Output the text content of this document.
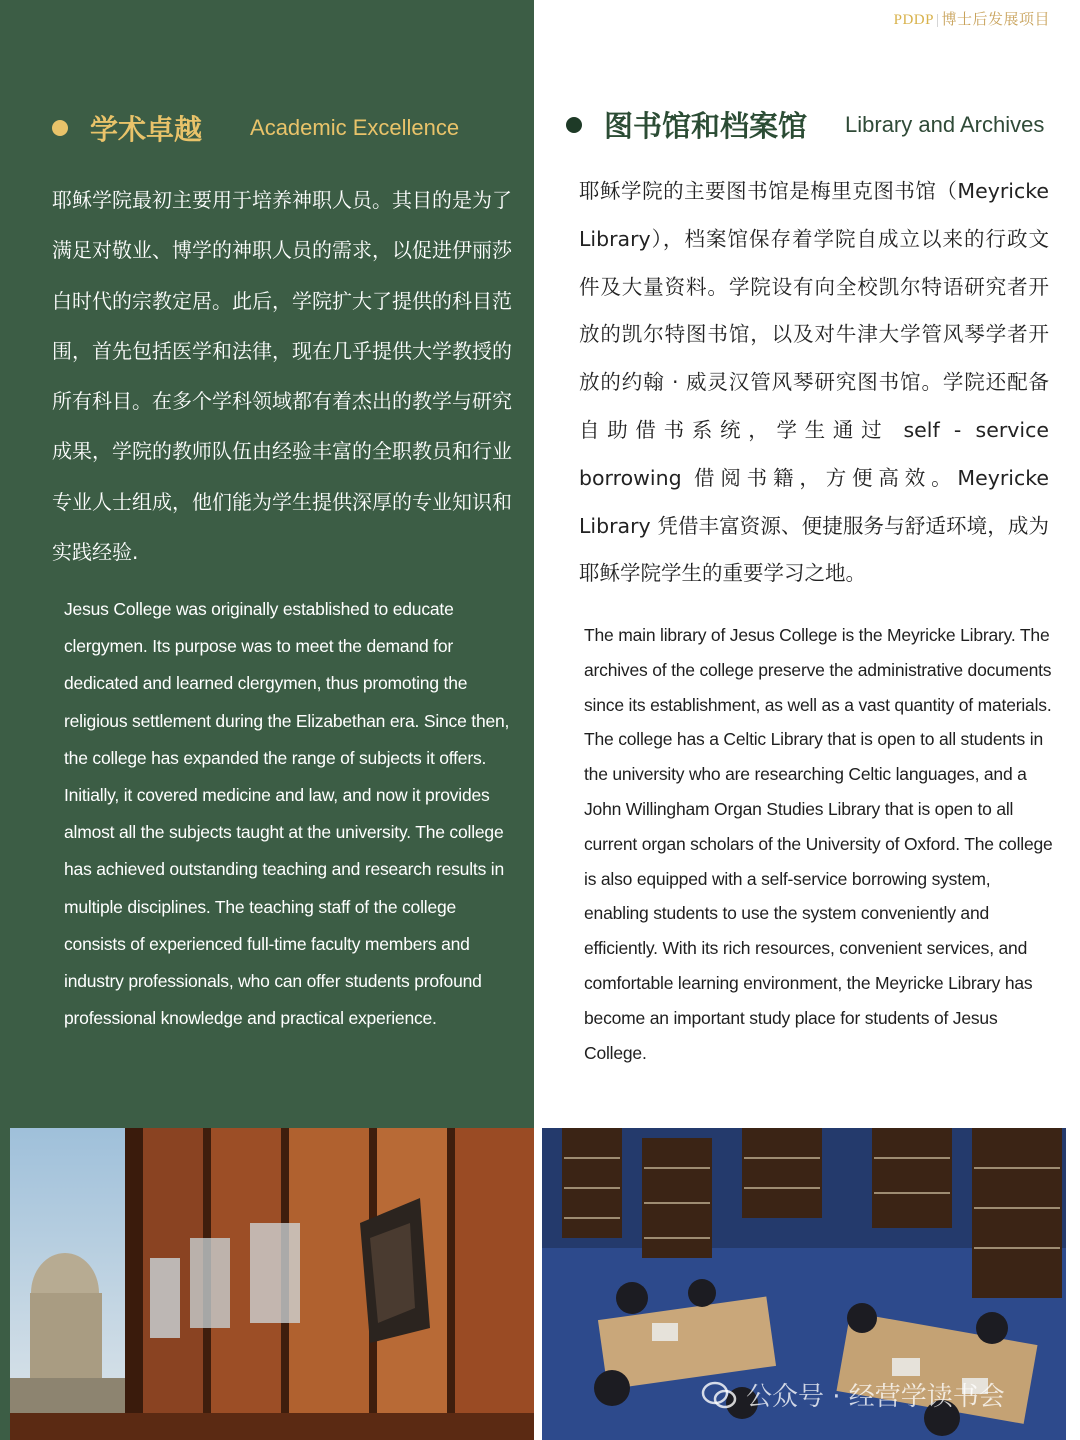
PDDP | 博士后发展项目
学术卓越 Academic Excellence

耶稣学院最初主要用于培养神职人员。其目的是为了满足对敬业、博学的神职人员的需求，以促进伊丽莎白时代的宗教定居。此后，学院扩大了提供的科目范围，首先包括医学和法律，现在几乎提供大学教授的所有科目。在多个学科领域都有着杰出的教学与研究成果，学院的教师队伍由经验丰富的全职教员和行业专业人士组成，他们能为学生提供深厚的专业知识和实践经验.

Jesus College was originally established to educate clergymen. Its purpose was to meet the demand for dedicated and learned clergymen, thus promoting the religious settlement during the Elizabethan era. Since then, the college has expanded the range of subjects it offers. Initially, it covered medicine and law, and now it provides almost all the subjects taught at the university. The college has achieved outstanding teaching and research results in multiple disciplines. The teaching staff of the college consists of experienced full-time faculty members and industry professionals, who can offer students profound professional knowledge and practical experience.

图书馆和档案馆 Library and Archives

耶稣学院的主要图书馆是梅里克图书馆（Meyricke Library），档案馆保存着学院自成立以来的行政文件及大量资料。学院设有向全校凯尔特语研究者开放的凯尔特图书馆，以及对牛津大学管风琴学者开放的约翰 · 威灵汉管风琴研究图书馆。学院还配备自助借书系统，学生通过 self - service borrowing 借阅书籍，方便高效。Meyricke Library 凭借丰富资源、便捷服务与舒适环境，成为耶稣学院学生的重要学习之地。

The main library of Jesus College is the Meyricke Library. The archives of the college preserve the administrative documents since its establishment, as well as a vast quantity of materials. The college has a Celtic Library that is open to all students in the university who are researching Celtic languages, and a John Willingham Organ Studies Library that is open to all current organ scholars of the University of Oxford. The college is also equipped with a self-service borrowing system, enabling students to use the system conveniently and efficiently. With its rich resources, convenient services, and comfortable learning environment, the Meyricke Library has become an important study place for students of Jesus College.

公众号 · 经营学读书会
